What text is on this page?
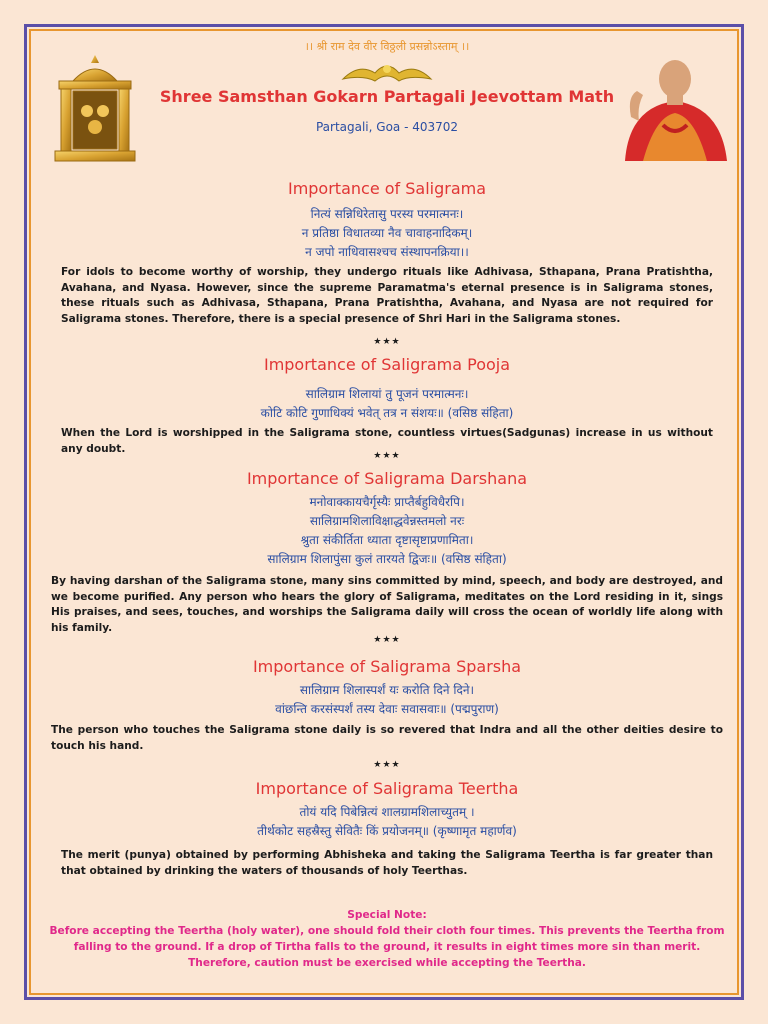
।। श्री राम देव वीर विठ्ठली प्रसन्नोऽस्ताम् ।।
Shree Samsthan Gokarn Partagali Jeevottam Math
Partagali, Goa - 403702
Importance of Saligrama
नित्यं सन्निधिरेतासु परस्य परमात्मनः।
न प्रतिष्ठा विधातव्या नैव चावाहनादिकम्।
न जपो नाधिवासश्चच संस्थापनक्रिया।।
For idols to become worthy of worship, they undergo rituals like Adhivasa, Sthapana, Prana Pratishtha, Avahana, and Nyasa. However, since the supreme Paramatma's eternal presence is in Saligrama stones, these rituals such as Adhivasa, Sthapana, Prana Pratishtha, Avahana, and Nyasa are not required for Saligrama stones. Therefore, there is a special presence of Shri Hari in the Saligrama stones.
★★★
Importance of Saligrama Pooja
सालिग्राम शिलायां तु पूजनं परमात्मनः।
कोटि कोटि गुणाधिक्यं भवेत् तत्र न संशयः॥ (वसिष्ठ संहिता)
When the Lord is worshipped in the Saligrama stone, countless virtues(Sadgunas) increase in us without any doubt.
★★★
Importance of Saligrama Darshana
मनोवाक्कायचैर्गृस्यैः प्राप्तैर्बहुविधैरपि।
सालिग्रामशिलाविक्षाद्धवेन्नस्तमलो नरः
श्रुता संकीर्तिता ध्याता दृष्टासृष्टाप्रणामिता।
सालिग्राम शिलापुंसा कुलं तारयते द्विजः॥ (वसिष्ठ संहिता)
By having darshan of the Saligrama stone, many sins committed by mind, speech, and body are destroyed, and we become purified. Any person who hears the glory of Saligrama, meditates on the Lord residing in it, sings His praises, and sees, touches, and worships the Saligrama daily will cross the ocean of worldly life along with his family.
★★★
Importance of Saligrama Sparsha
सालिग्राम शिलास्पर्शं यः करोति दिने दिने।
वांछन्ति करसंस्पर्शं तस्य देवाः सवासवाः॥ (पद्मपुराण)
The person who touches the Saligrama stone daily is so revered that Indra and all the other deities desire to touch his hand.
★★★
Importance of Saligrama Teertha
तोयं यदि पिबेन्नित्यं शालग्रामशिलाच्युतम् ।
तीर्थकोट सहस्रैस्तु सेवितैः किं प्रयोजनम्॥ (कृष्णामृत महार्णव)
The merit (punya) obtained by performing Abhisheka and taking the Saligrama Teertha is far greater than that obtained by drinking the waters of thousands of holy Teerthas.
Special Note:
Before accepting the Teertha (holy water), one should fold their cloth four times. This prevents the Teertha from falling to the ground. If a drop of Tirtha falls to the ground, it results in eight times more sin than merit. Therefore, caution must be exercised while accepting the Teertha.
